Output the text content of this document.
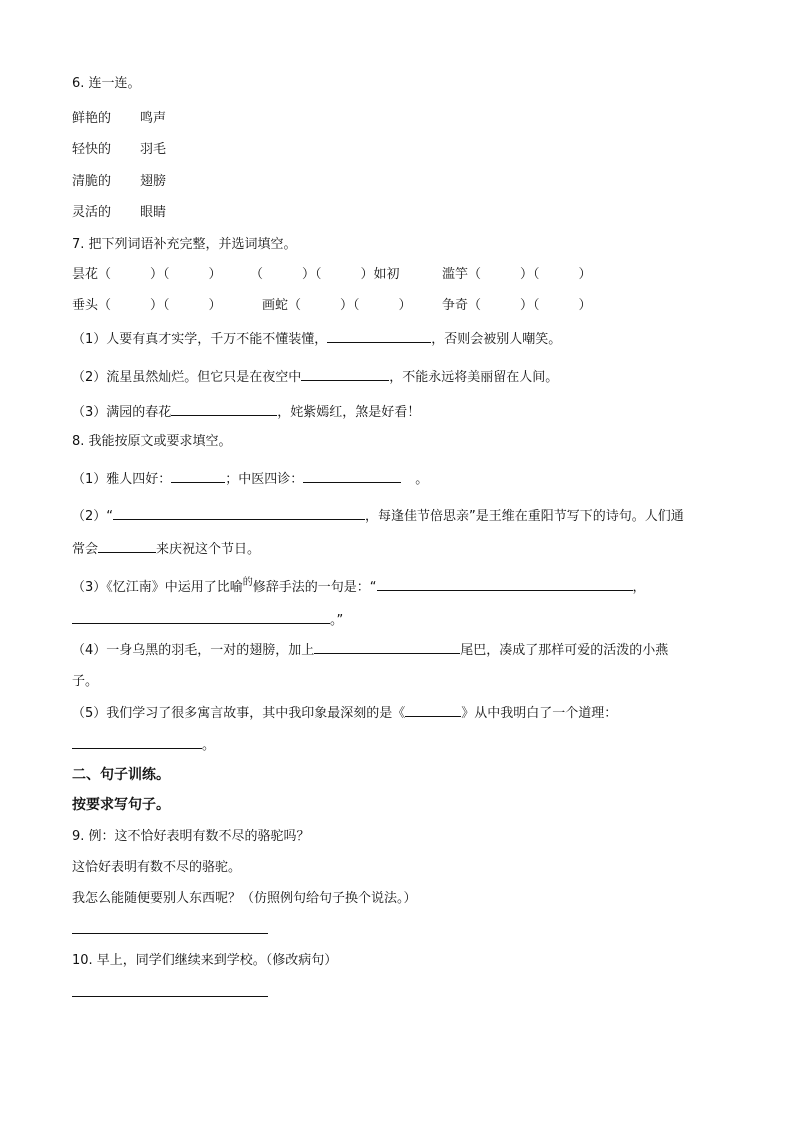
6. 连一连。
鲜艳的 鸣声
轻快的 羽毛
清脆的 翅膀
灵活的 眼睛
7. 把下列词语补充完整，并选词填空。
昙花（　　　）（　　　） （　　　）（　　　）如初	滥竽（　　　）（　　　）
垂头（　　　）（　　　）	画蛇（　　　）（　　　） 争奇（　　　）（　　　）
（1）人要有真才实学，千万不能不懂装懂，	，否则会被别人嘲笑。
（2）流星虽然灿烂。但它只是在夜空中	，不能永远将美丽留在人间。
（3）满园的春花	，姹紫嫣红，煞是好看！
8. 我能按原文或要求填空。
（1）雅人四好：	；中医四诊：	。
（2）“	，每逢佳节倍思亲”是王维在重阳节写下的诗句。人们通
常会	来庆祝这个节日。
（3）《忆江南》中运用了比喻$^的$修辞手法的一句是：“	，
。”
（4）一身乌黑的羽毛，一对的翅膀，加上	尾巴，凑成了那样可爱的活泼的小燕
子。
（5）我们学习了很多寓言故事，其中我印象最深刻的是《	》从中我明白了一个道理：
。
二、句子训练。
按要求写句子。
9. 例：这不恰好表明有数不尽的骆驼吗？
这恰好表明有数不尽的骆驼。
我怎么能随便要别人东西呢？（仿照例句给句子换个说法。）
10. 早上，同学们继续来到学校。（修改病句）
